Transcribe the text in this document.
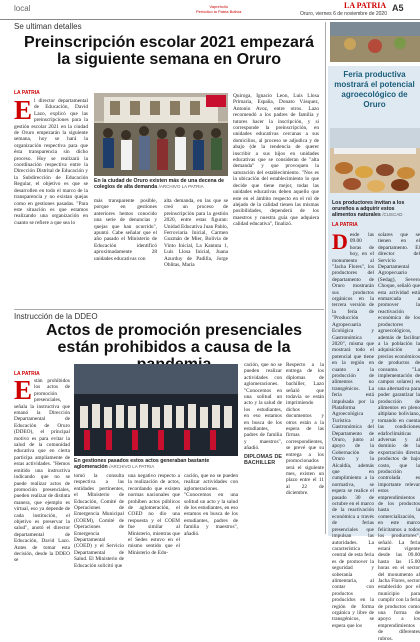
local	Vaprehclio
Periódico la Patria Bolivia
LA PATRIA
Oruro, viernes 6 de noviembre de 2020
A5
Se ultiman detalles
Preinscripción escolar 2021 empezará la siguiente semana en Oruro
LA PATRIA
El director departamental de Educación, David Lazo, explicó que las preinscripciones para la gestión escolar 2021 en la ciudad de Oruro empezarán la siguiente semana, hoy se hará la organización respectiva para que ésta transparencia sin dicho proceso. Hoy se realizará la coordinación respectiva entre la Dirección Distrital de Educación y la Subdirección de Educación Regular, el objetivo es que se desarrollen en todo el marco de la transparencia y no existan quejas como en gestiones pasadas. "Para este situación es que estamos realizando una organización en cuanto se refiere a que sea lo
En la ciudad de Oruro existen más de una decena de colegios de alta demanda /ARCHIVO LA PATRIA
más transparente posible, porque en gestiones anteriores hemos conocido una serie de denuncias y quejas que han ocurrido", apuntó. Cabe señalar que el año pasado el Ministerio de Educación identificó aproximadamente 28 unidades educativas con
alta demanda, en las que se creó un proceso de preinscripción para la gestión 2020, entre estas figuran: Unidad Educativa Juan Pablo, Ferroviaria Inicial, Carmen Guzmán de Mier, Bolivia de Vinto Inicial, La Kantuta 1, Luis Llosa Inicial, Juana Azurduy de Padilla, Jorge Oblitas, María
Quiroga, Ignacio Leon, Luis Llosa Primaria, España, Donato Vásquez, Antonio Avoz, entre otros. Lazo recomendó a los padres de familia y tutores hacer la inscripción, y si corresponde la preinscripción, en unidades educativas cercanas a sus domicilios, al proceso se adjudica y de abajo (de la tendencia de querer inscribir a sus hijos en unidades educativas que se consideran de "alta demanda" y que provoquen la saturación del establecimiento. "Nos es la ubicación del establecimiento lo que decide que tiene mejor, todas las unidades educativas deben aquello que este en el ámbito respecto en el rol de alejado de la calidad tienen las mismas posibilidades, dependerá de los maestros y nuestra guía que adquiera calidad educativa", finalizó.
Feria productiva mostrará el potencial agroecológico de Oruro
Los productores invitan a los orureños a adquirir estos alimentos naturales /CUSCAD
LA PATRIA
Desde las 09.00 horas de hoy, en el monumento al "Jacha Flores", los productores del departamento de Oruro mostrarán sus productos orgánicos en la tercera versión de la feria de "Producción Agropecuaria Ecológica y Gastronómica 2020", misma que mostrará todo el potencial que tiene en la región en cuanto a la producción de alimentos no transgénicos. La feria está impulsada por la Plataforma Agroecológica Turística y Gastronómica del Departamento de Oruro, junto al apoyo de la Gobernación de Oruro y la Alcaldía, además que en cumplimiento a la normativa, se espera se realice el pasado 30 de octubre en el marco de la reactivación económica a través de ferias presenciales que impulsan las autoridades. La característica central de esta feria es de promover la seguridad y soberanía alimentaria, al contar con productos producidos en la región de forma orgánica y libre de transgénicos, se espera que los
solares que se tienen en el departamento. El director del Servicio Departamental Agropecuario (Sedag), Severo Choque, señaló que esta actividad está enmarcada a promover la reactivación económica de los productores agroecológicos, además de facilitar a la población la adquisición a precios económicos de productos de consumo. "La implementación de campos solares) es una alternativa para poder garantizar la producción de alimentos en pleno altiplano boliviano, tomando en cuenta las condiciones edafoclimáticas adversas y al dominio de la exportación directa productos de bajo costo, que la producción controlada es importante relevar estos emprendimientos de los productos hasta la comercialización, en este marco felicitamos a todos los productores", señaló. La feria estará vigente desde las 09.00 hasta las 15.00 horas en el sector del monumento al Jacha Flores, sector establecido por el municipio para cumplir con la feria de productos como una forma de apoyo a los emprendimientos de diferentes rubros.
Instrucción de la DDEO
Actos de promoción presenciales están prohibidos a causa de la
LA PATRIA
Están prohibidos los actos de promoción presenciales, señala la instructiva que emanó la Dirección Departamental de Educación de Oruro (DDEO), el principal motivo es para evitar la salud de la comunidad educativa que en cierta participa ampliamente de estas actividades. "Hemos emitido una instructiva indicando que no se puede realizar actos de promoción presenciales, pueden realizar de distinta manera, que ejemplo es virtual, eso ya depende de cada institución, el objetivo es preservar la salud", anotó el director departamental de Educación, David Lazo. Antes de tomar esta decisión, desde la DDEO se
En gestiones pasados estos actos generaban bastante aglomeración /ARCHIVO LA PATRIA
tomó la consulta respectiva a las entidades pertinentes, el Ministerio de Educación, Comité de Operaciones de Emergencia Municipal (COEM), Comité de Operaciones de Emergencia Departamental (COED) y el Servicio Departamental de Salud. El Ministerio de Educación solicitó que
una negativo respecto a la realización de actos, recordando que existen normas nacionales que prohíben actos públicos de aglomeración, el COED no dio una respuesta y el COEM fue similar al Ministerio, mientras que el Sedes estuvo en el mismo sentido que el Ministerio de Edu-
cación, que no se pueden realizar actividades con aglomeraciones. "Conocemos en una solitud un acto y la salud de los estudiantes, en eso estamos en busca de los estudiantes, padres de familia y maestros", añadió.
cación, que no se pueden realizar actividades con aglomeraciones. "Conocemos en una solitud un acto y la salud de los estudiantes, en eso estamos en busca de los estudiantes, padres de familia y maestros", añadió.
DIPLOMAS DE BACHILLER
Respecto a la entrega de los diplomas de bachiller, Lazo señaló que todavía se están imprimiendo dichos documentos y otros están a la espera de las firmas correspondientes, se prevé que su entrega a los promocionados será el siguiente mes, existen un plazo entre el 11 al 22 de diciembre.
